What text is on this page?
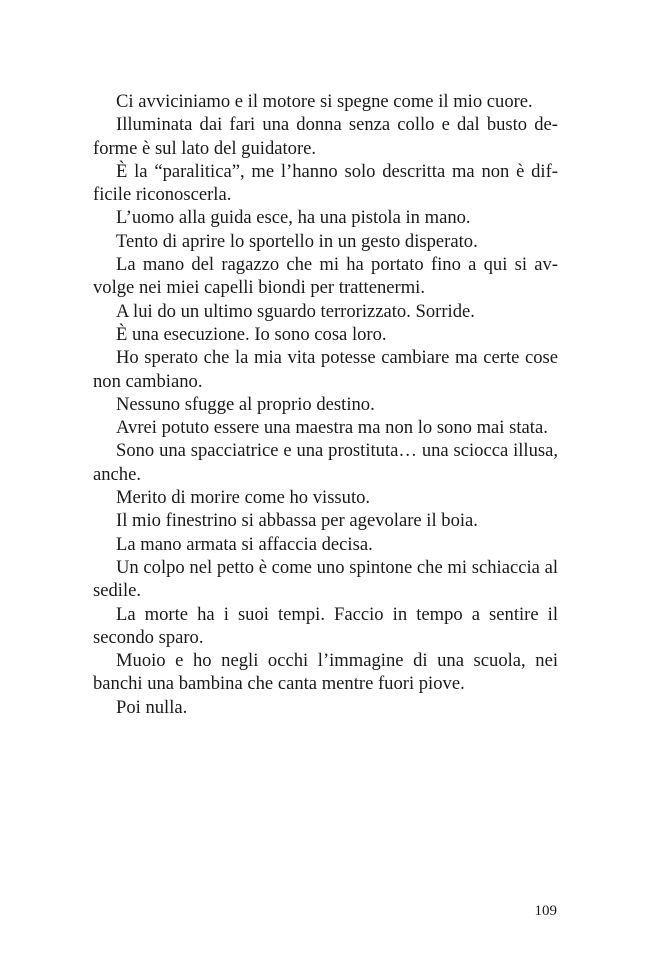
Ci avviciniamo e il motore si spegne come il mio cuore.

Illuminata dai fari una donna senza collo e dal busto deforme è sul lato del guidatore.

È la “paralitica”, me l’hanno solo descritta ma non è difficile riconoscerla.

L’uomo alla guida esce, ha una pistola in mano.

Tento di aprire lo sportello in un gesto disperato.

La mano del ragazzo che mi ha portato fino a qui si avvolge nei miei capelli biondi per trattenermi.

A lui do un ultimo sguardo terrorizzato. Sorride.

È una esecuzione. Io sono cosa loro.

Ho sperato che la mia vita potesse cambiare ma certe cose non cambiano.

Nessuno sfugge al proprio destino.

Avrei potuto essere una maestra ma non lo sono mai stata.

Sono una spacciatrice e una prostituta… una sciocca illusa, anche.

Merito di morire come ho vissuto.

Il mio finestrino si abbassa per agevolare il boia.

La mano armata si affaccia decisa.

Un colpo nel petto è come uno spintone che mi schiaccia al sedile.

La morte ha i suoi tempi. Faccio in tempo a sentire il secondo sparo.

Muoio e ho negli occhi l’immagine di una scuola, nei banchi una bambina che canta mentre fuori piove.

Poi nulla.

109
